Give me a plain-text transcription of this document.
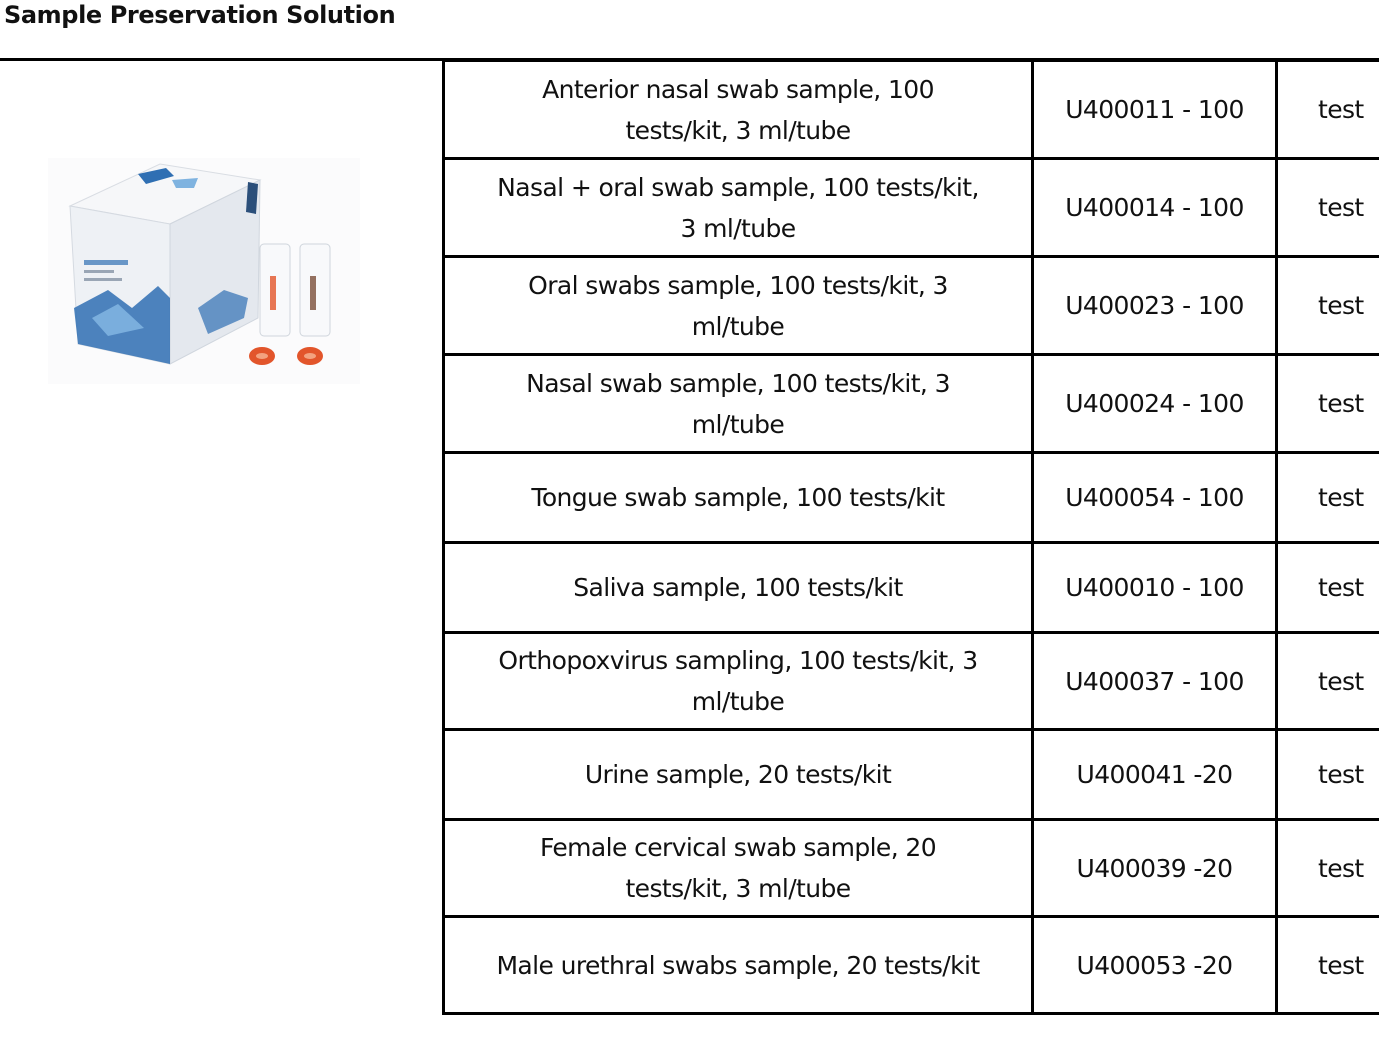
Sample Preservation Solution
Anterior nasal swab sample, 100 tests/kit, 3 ml/tube	U400011 - 100	test
Nasal + oral swab sample, 100 tests/kit, 3 ml/tube	U400014 - 100	test
Oral swabs sample, 100 tests/kit, 3 ml/tube	U400023 - 100	test
Nasal swab sample, 100 tests/kit, 3 ml/tube	U400024 - 100	test
Tongue swab sample, 100 tests/kit	U400054 - 100	test
Saliva sample, 100 tests/kit	U400010 - 100	test
Orthopoxvirus sampling, 100 tests/kit, 3 ml/tube	U400037 - 100	test
Urine sample, 20 tests/kit	U400041 -20	test
Female cervical swab sample, 20 tests/kit, 3 ml/tube	U400039 -20	test
Male urethral swabs sample, 20 tests/kit	U400053 -20	test
